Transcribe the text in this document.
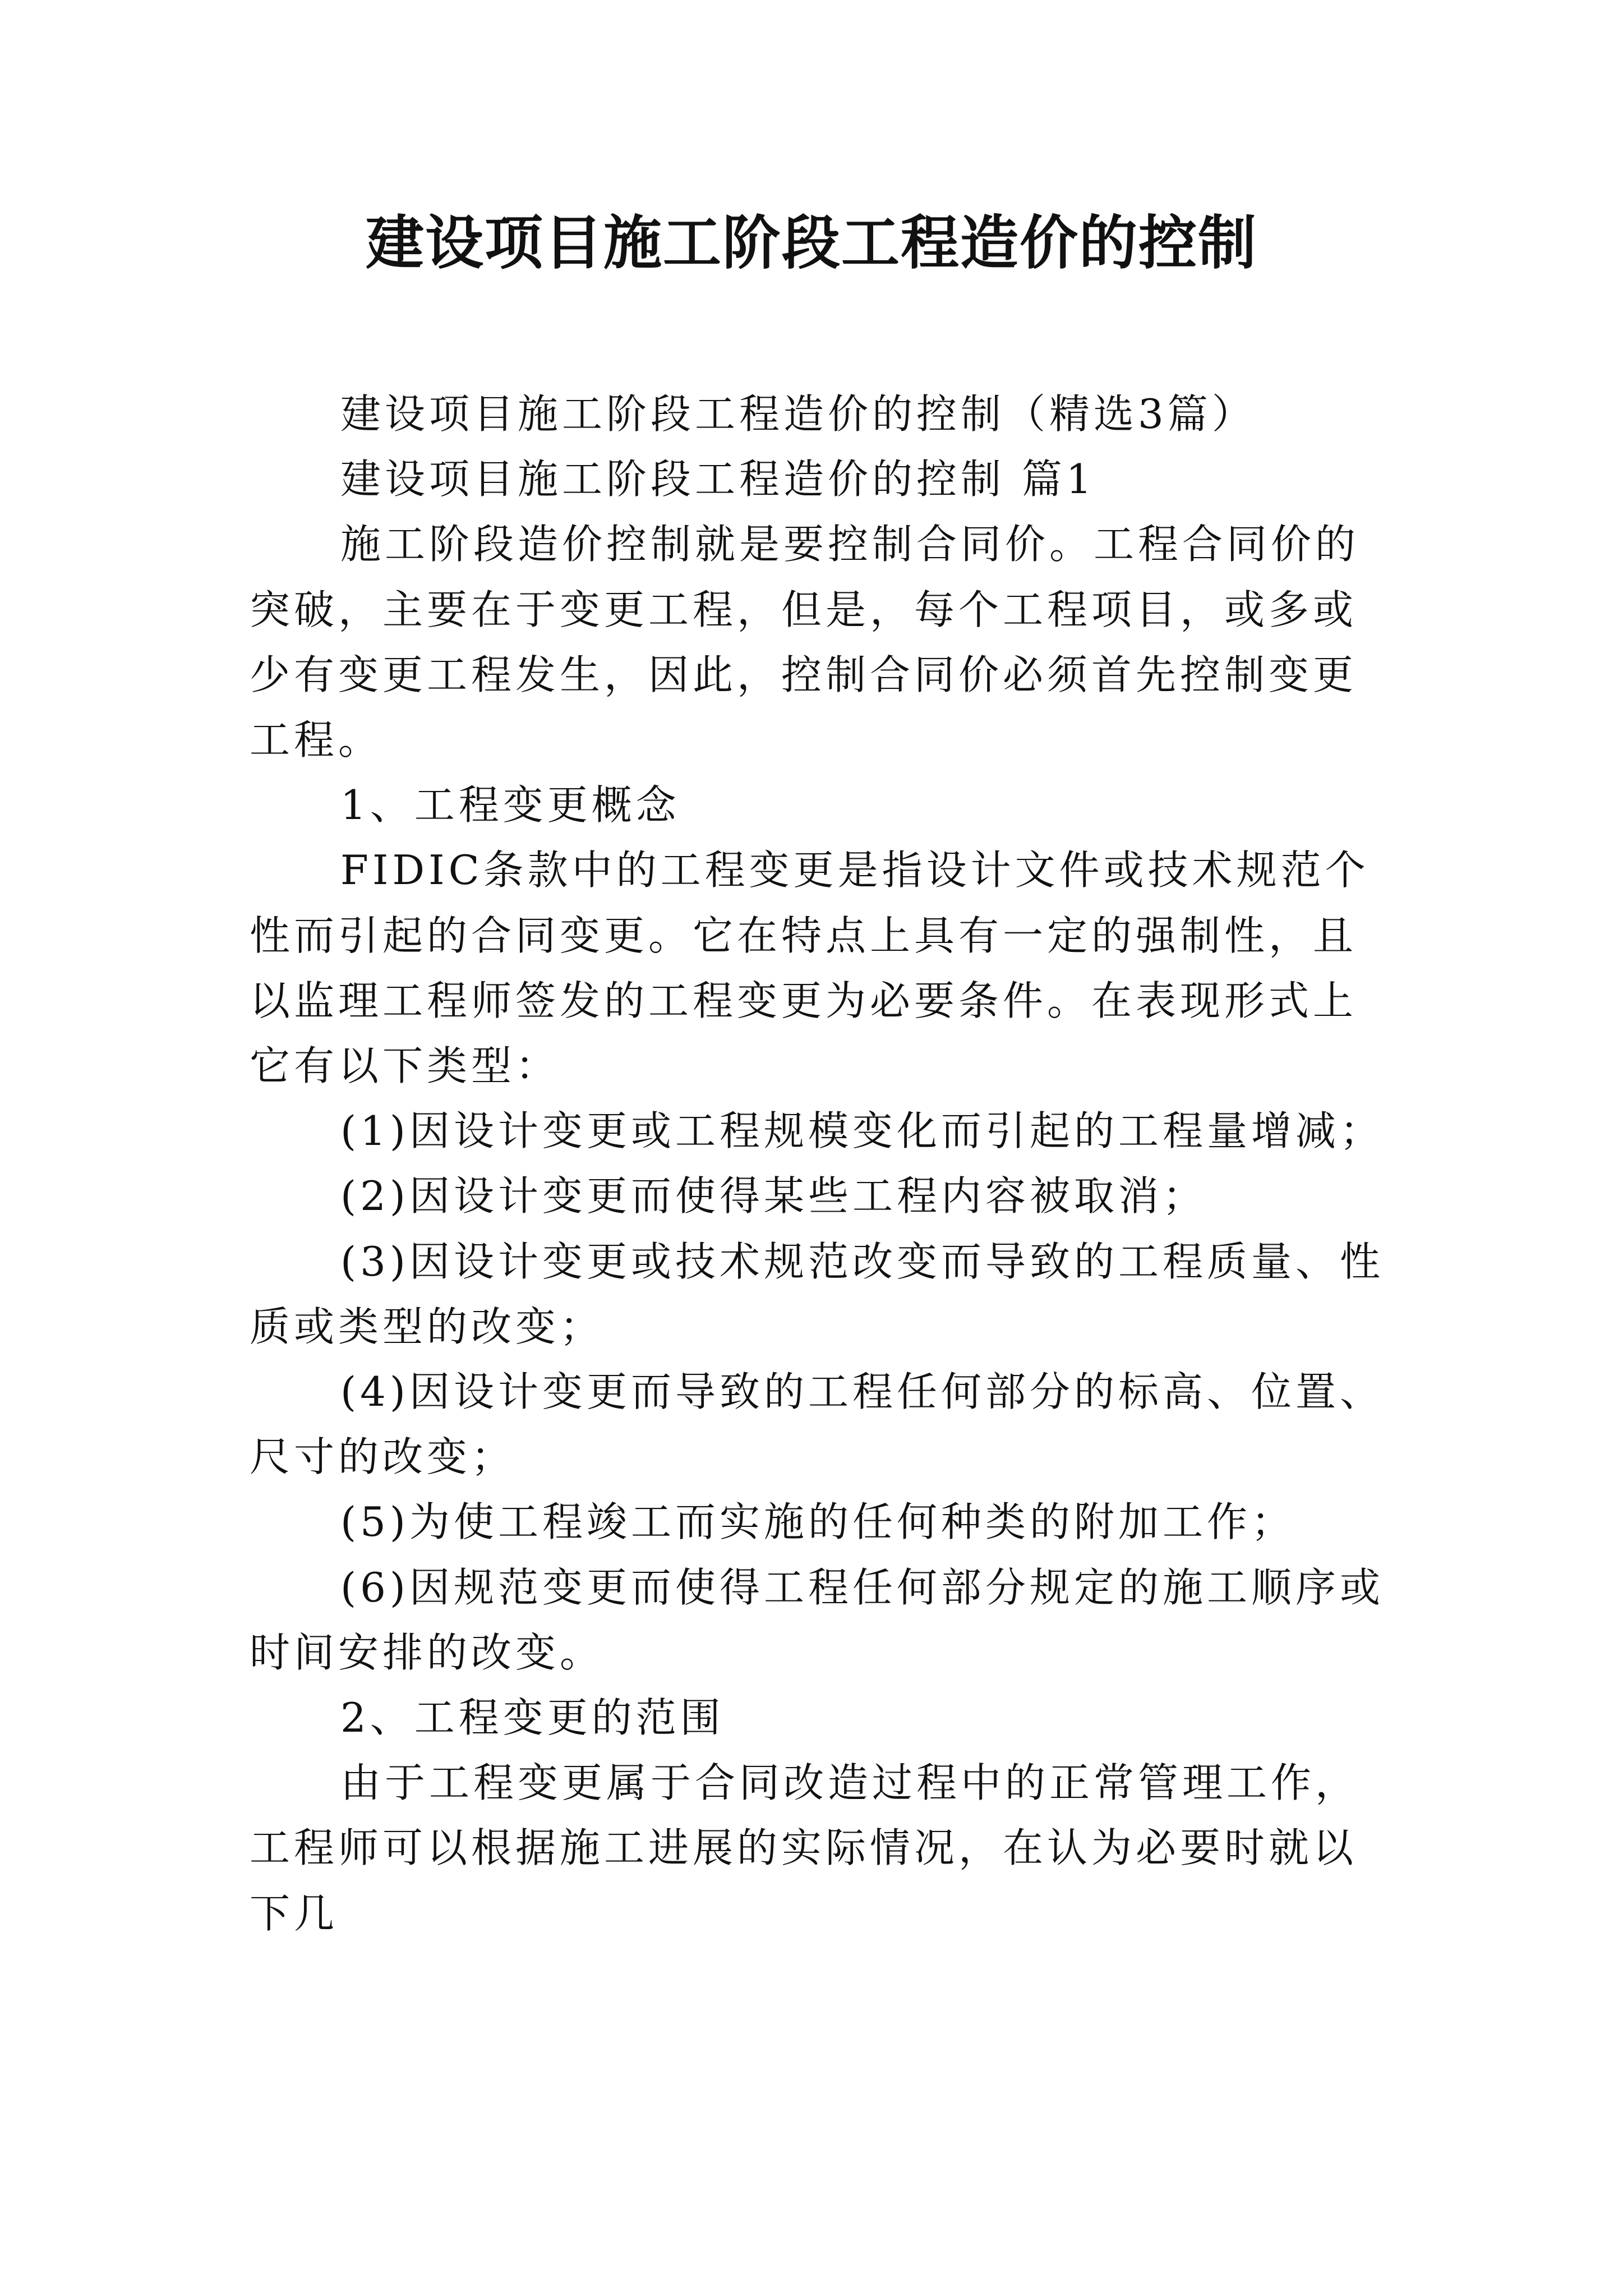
建设项目施工阶段工程造价的控制

建设项目施工阶段工程造价的控制（精选3篇）

建设项目施工阶段工程造价的控制 篇1

施工阶段造价控制就是要控制合同价。工程合同价的突破，主要在于变更工程，但是，每个工程项目，或多或少有变更工程发生，因此，控制合同价必须首先控制变更工程。

1、工程变更概念

FIDIC条款中的工程变更是指设计文件或技术规范个性而引起的合同变更。它在特点上具有一定的强制性，且以监理工程师签发的工程变更为必要条件。在表现形式上它有以下类型：

(1)因设计变更或工程规模变化而引起的工程量增减；

(2)因设计变更而使得某些工程内容被取消；

(3)因设计变更或技术规范改变而导致的工程质量、性质或类型的改变；

(4)因设计变更而导致的工程任何部分的标高、位置、尺寸的改变；

(5)为使工程竣工而实施的任何种类的附加工作；

(6)因规范变更而使得工程任何部分规定的施工顺序或时间安排的改变。

2、工程变更的范围

由于工程变更属于合同改造过程中的正常管理工作，工程师可以根据施工进展的实际情况，在认为必要时就以下几
